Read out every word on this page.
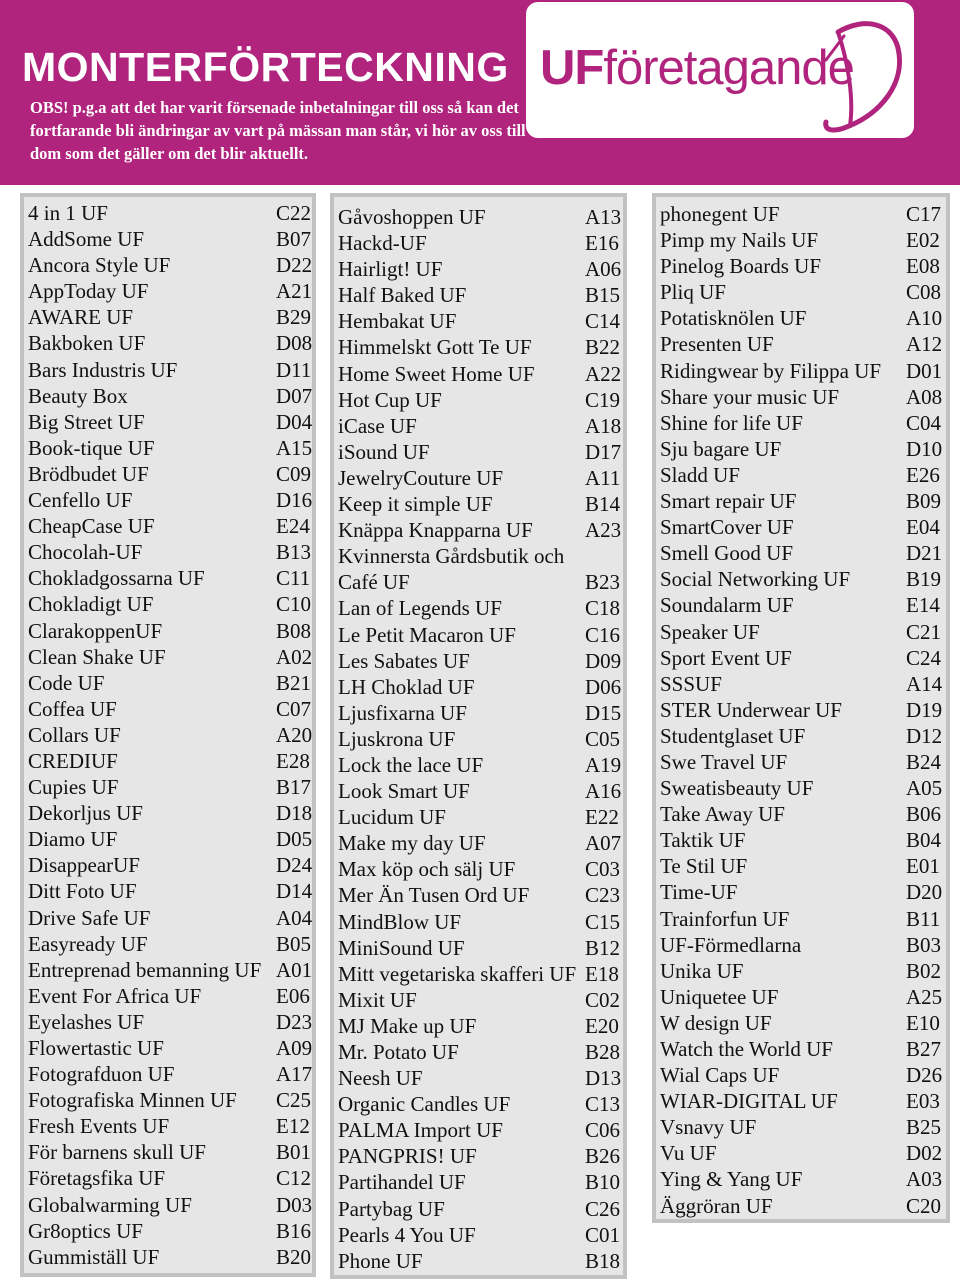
MONTERFÖRTECKNING

OBS! p.g.a att det har varit försenade inbetalningar till oss så kan det fortfarande bli ändringar av vart på mässan man står, vi hör av oss till dom som det gäller om det blir aktuellt.

UFföretagande
4 in 1 UF	C22
AddSome UF	B07
Ancora Style UF	D22
AppToday UF	A21
AWARE UF	B29
Bakboken UF	D08
Bars Industris UF	D11
Beauty Box	D07
Big Street UF	D04
Book-tique UF	A15
Brödbudet UF	C09
Cenfello UF	D16
CheapCase UF	E24
Chocolah-UF	B13
Chokladgossarna UF	C11
Chokladigt UF	C10
ClarakoppenUF	B08
Clean Shake UF	A02
Code UF	B21
Coffea UF	C07
Collars UF	A20
CREDIUF	E28
Cupies UF	B17
Dekorljus UF	D18
Diamo UF	D05
DisappearUF	D24
Ditt Foto UF	D14
Drive Safe UF	A04
Easyready UF	B05
Entreprenad bemanning UF A01
Event For Africa UF	E06
Eyelashes UF	D23
Flowertastic UF	A09
Fotografduon UF	A17
Fotografiska Minnen UF C25
Fresh Events UF	E12
För barnens skull UF	B01
Företagsfika UF	C12
Globalwarming UF	D03
Gr8optics UF	B16
Gummiställ UF	B20
Gåvoshoppen UF	A13
Hackd-UF	E16
Hairligt! UF	A06
Half Baked UF	B15
Hembakat UF	C14
Himmelskt Gott Te UF	B22
Home Sweet Home UF A22
Hot Cup UF	C19
iCase UF	A18
iSound UF	D17
JewelryCouture UF	A11
Keep it simple UF	B14
Knäppa Knapparna UF A23
Kvinnersta Gårdsbutik och
Café UF	B23
Lan of Legends UF	C18
Le Petit Macaron UF	C16
Les Sabates UF	D09
LH Choklad UF	D06
Ljusfixarna UF	D15
Ljuskrona UF	C05
Lock the lace UF	A19
Look Smart UF	A16
Lucidum UF	E22
Make my day UF	A07
Max köp och sälj UF	C03
Mer Än Tusen Ord UF	C23
MindBlow UF	C15
MiniSound UF	B12
Mitt vegetariska skafferi UF E18
Mixit UF	C02
MJ Make up UF	E20
Mr. Potato UF	B28
Neesh UF	D13
Organic Candles UF	C13
PALMA Import UF	C06
PANGPRIS! UF	B26
Partihandel UF	B10
Partybag UF	C26
Pearls 4 You UF	C01
Phone UF	B18
phonegent UF	C17
Pimp my Nails UF	E02
Pinelog Boards UF	E08
Pliq UF	C08
Potatisknölen UF	A10
Presenten UF	A12
Ridingwear by Filippa UF D01
Share your music UF	A08
Shine for life UF	C04
Sju bagare UF	D10
Sladd UF	E26
Smart repair UF	B09
SmartCover UF	E04
Smell Good UF	D21
Social Networking UF	B19
Soundalarm UF	E14
Speaker UF	C21
Sport Event UF	C24
SSSUF	A14
STER Underwear UF	D19
Studentglaset UF	D12
Swe Travel UF	B24
Sweatisbeauty UF	A05
Take Away UF	B06
Taktik UF	B04
Te Stil UF	E01
Time-UF	D20
Trainforfun UF	B11
UF-Förmedlarna	B03
Unika UF	B02
Uniquetee UF	A25
W design UF	E10
Watch the World UF	B27
Wial Caps UF	D26
WIAR-DIGITAL UF	E03
Vsnavy UF	B25
Vu UF	D02
Ying & Yang UF	A03
Äggröran UF	C20
